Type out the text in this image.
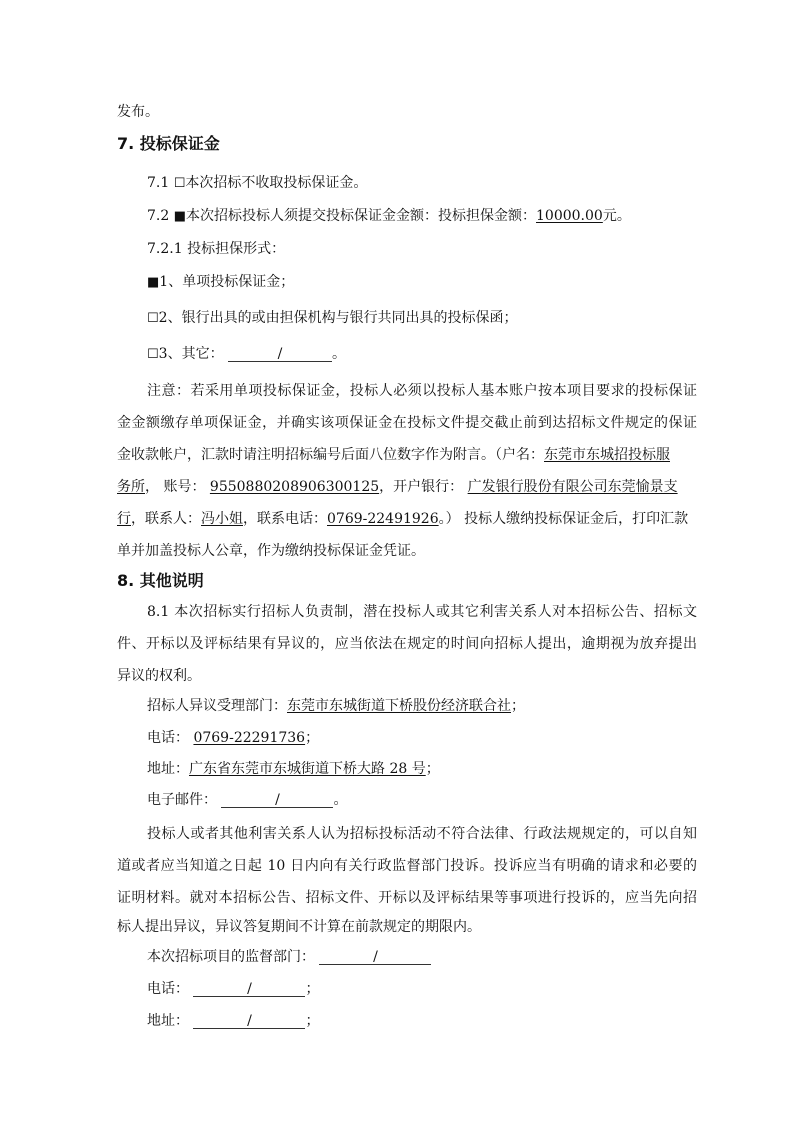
发布。
7. 投标保证金
7.1 ☐本次招标不收取投标保证金。
7.2 ■本次招标投标人须提交投标保证金金额：投标担保金额：10000.00元。
7.2.1 投标担保形式：
■1、单项投标保证金；
☐2、银行出具的或由担保机构与银行共同出具的投标保函；
☐3、其它：	/	。
注意：若采用单项投标保证金，投标人必须以投标人基本账户按本项目要求的投标保证
金金额缴存单项保证金，并确实该项保证金在投标文件提交截止前到达招标文件规定的保证
金收款帐户，汇款时请注明招标编号后面八位数字作为附言。（户名：东莞市东城招投标服
务所， 账号： 9550880208906300125，开户银行： 广发银行股份有限公司东莞愉景支
行，联系人：冯小姐，联系电话：0769-22491926。） 投标人缴纳投标保证金后，打印汇款
单并加盖投标人公章，作为缴纳投标保证金凭证。
8. 其他说明
8.1 本次招标实行招标人负责制，潜在投标人或其它利害关系人对本招标公告、招标文
件、开标以及评标结果有异议的，应当依法在规定的时间向招标人提出，逾期视为放弃提出
异议的权利。
招标人异议受理部门：东莞市东城街道下桥股份经济联合社；
电话： 0769-22291736；
地址：广东省东莞市东城街道下桥大路 28 号；
电子邮件：	/	。
投标人或者其他利害关系人认为招标投标活动不符合法律、行政法规规定的，可以自知
道或者应当知道之日起 10 日内向有关行政监督部门投诉。投诉应当有明确的请求和必要的
证明材料。就对本招标公告、招标文件、开标以及评标结果等事项进行投诉的，应当先向招
标人提出异议，异议答复期间不计算在前款规定的期限内。
本次招标项目的监督部门：	/
电话：	/	；
地址：	/	；
